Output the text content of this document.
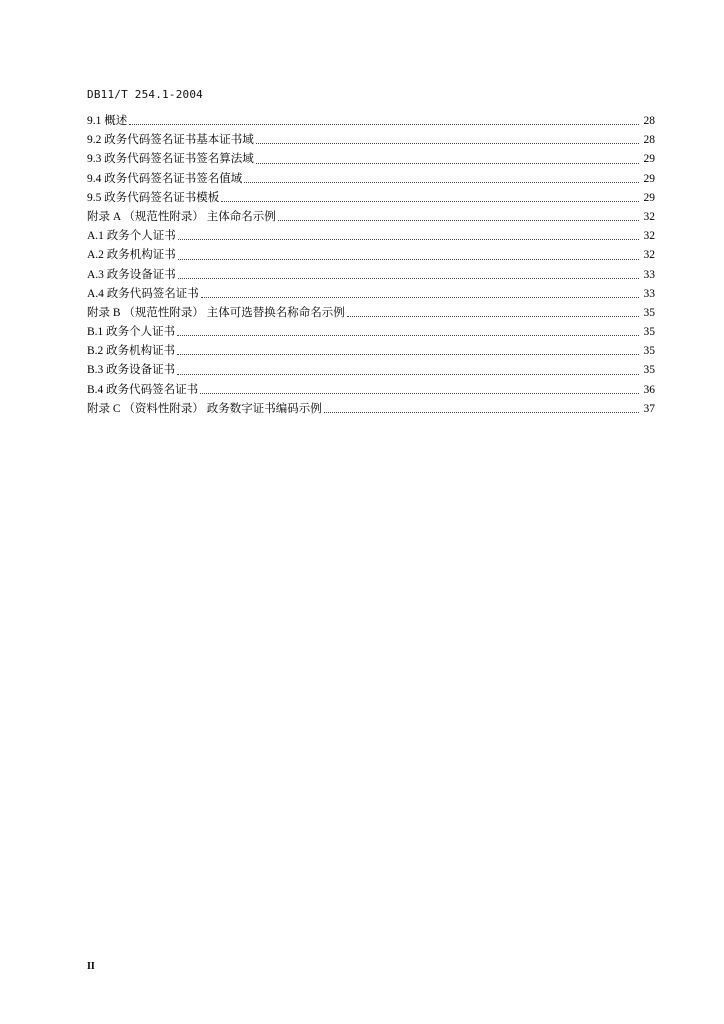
DB11/T 254.1-2004
9.1 概述	28
9.2 政务代码签名证书基本证书域	28
9.3 政务代码签名证书签名算法域	29
9.4 政务代码签名证书签名值域	29
9.5 政务代码签名证书模板	29
附录 A （规范性附录） 主体命名示例	32
A.1 政务个人证书	32
A.2 政务机构证书	32
A.3 政务设备证书	33
A.4 政务代码签名证书	33
附录 B （规范性附录） 主体可选替换名称命名示例	35
B.1 政务个人证书	35
B.2 政务机构证书	35
B.3 政务设备证书	35
B.4 政务代码签名证书	36
附录 C （资料性附录） 政务数字证书编码示例	37
II
